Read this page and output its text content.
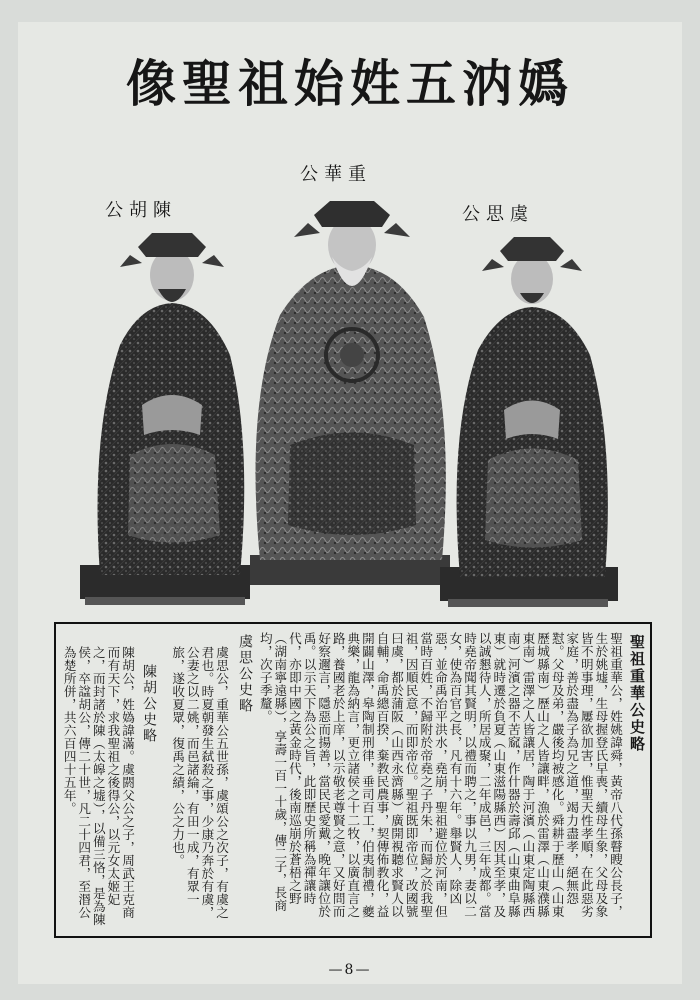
嬀汭五姓始祖聖像
重華公
陳胡公	虞思公
聖祖重華公史略
聖祖重華公，姓姚諱舜，黃帝八代孫瞽瞍公長子，生於姚墟，生母握登氏早喪，續母生象，父母及象皆不明事理，屢欲加害，惟聖天性孝順，在此惡劣家庭，善於盡為子為兄之道，竭力盡孝，絕無怨懟。父母及弟，嚴後均被感化。舜耕于歷山（山東歷城縣南）歷山之人皆讓畔，漁於雷澤（山東濮縣東南）雷澤之人皆讓居，陶于河濱（山東定陶縣西南）河濱之器不苦窳，作什器於壽邱（山東曲阜縣東）就時遷於負夏（山東滋陽縣西）因其至孝，及以誠懇待人，所居成聚，二年成邑，三年成都。當時堯帝聞其賢明，以禮而聘之，事以九男，妻以二女，使為百官之長，凡有十六年。舉賢人，除凶惡，並命禹治平洪水，堯崩，聖祖避位於河南，但當時百姓，不歸附於帝堯之子丹朱，而歸之於我聖祖，因順民意，而即帝位。聖祖既即帝位，改國號曰虞，都於蒲阪（山西永濟縣）廣開視聽求賢人以自輔，命禹總百揆，棄教民農事，契傳佈教化，益開闢山澤，皋陶制刑律，垂司百工，伯夷制禮，夔典樂，龍為納言，更立諸侯之十二牧，以廣直言之路，養國老於上庠，以示敬老尊賢之意，又好問而好察邇言，隱惡而揚善，當民民愛戴，晚年讓位於禹。以示天下為公之旨，此即歷史所稱為禪讓時代，亦即中國之黃金時代，後南巡崩於蒼梧之野（湖南寧遠縣），享壽一百一十歲，傳二子，長商均，次子季釐。
虞思公史略
虞思公，重華公五世孫，虞頌公之次子，有虞之君也。時夏朝發生弑殺之事，少康乃奔於有虞，公妻之以二姚，而邑諸綸，有田一成，有眾一旅，遂收夏眾，復禹之績，公之力也。
陳胡公史略
陳胡公，姓媯諱滿。虞閼父公之子，周武王克商而有天下，求我聖祖之後得公，以元女太姬妃之，而封諸於陳（太皞之墟），以備三恪，是為陳侯，卒諡胡公，傳二十世，凡二十四君，至湣公為楚所併，共六百四十五年。
—8—
